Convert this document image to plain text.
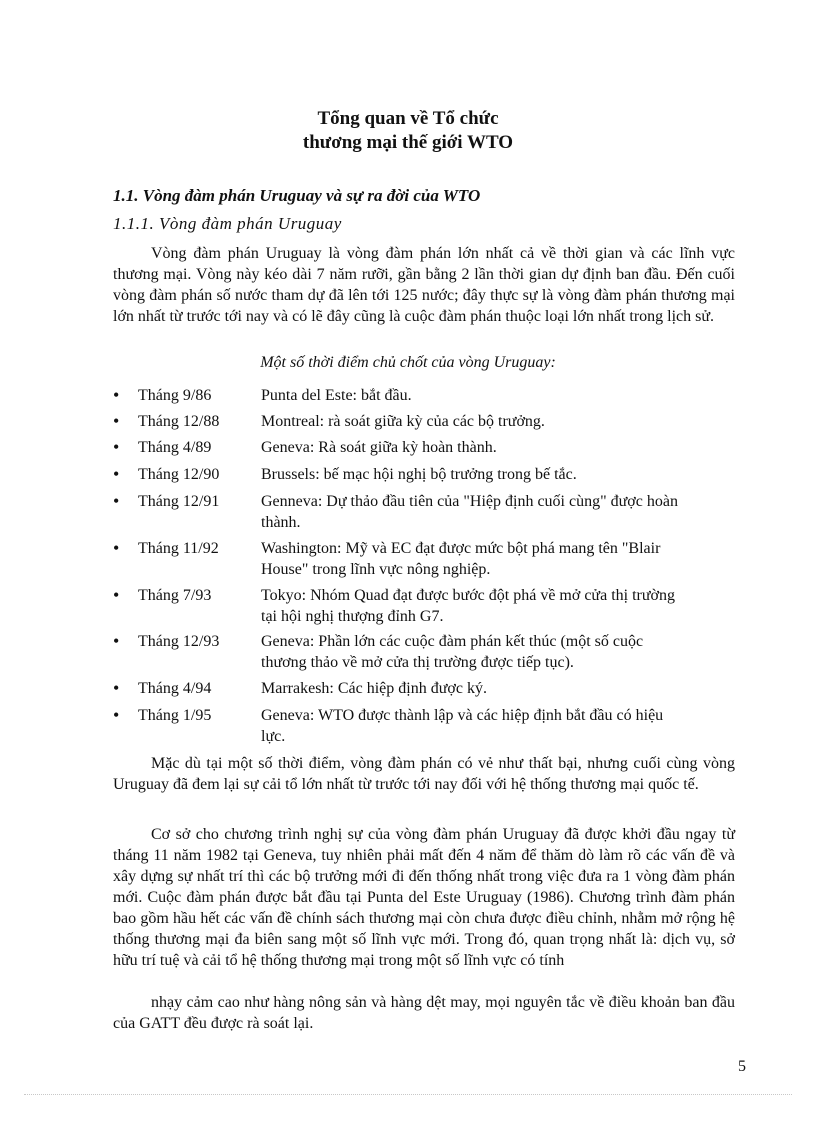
Tổng quan về Tổ chức
thương mại thế giới WTO
1.1. Vòng đàm phán Uruguay và sự ra đời của WTO
1.1.1. Vòng đàm phán Uruguay

Vòng đàm phán Uruguay là vòng đàm phán lớn nhất cả về thời gian và các lĩnh vực thương mại. Vòng này kéo dài 7 năm rưỡi, gần bằng 2 lần thời gian dự định ban đầu. Đến cuối vòng đàm phán số nước tham dự đã lên tới 125 nước; đây thực sự là vòng đàm phán thương mại lớn nhất từ trước tới nay và có lẽ đây cũng là cuộc đàm phán thuộc loại lớn nhất trong lịch sử.

Một số thời điểm chủ chốt của vòng Uruguay:
• Tháng 9/86	Punta del Este: bắt đầu.
• Tháng 12/88	Montreal: rà soát giữa kỳ của các bộ trưởng.
• Tháng 4/89	Geneva: Rà soát giữa kỳ hoàn thành.
• Tháng 12/90	Brussels: bế mạc hội nghị bộ trưởng trong bế tắc.
• Tháng 12/91	Genneva: Dự thảo đầu tiên của "Hiệp định cuối cùng" được hoàn thành.
• Tháng 11/92	Washington: Mỹ và EC đạt được mức bột phá mang tên "Blair House" trong lĩnh vực nông nghiệp.
• Tháng 7/93	Tokyo: Nhóm Quad đạt được bước đột phá về mở cửa thị trường tại hội nghị thượng đỉnh G7.
• Tháng 12/93	Geneva: Phần lớn các cuộc đàm phán kết thúc (một số cuộc thương thảo về mở cửa thị trường được tiếp tục).
• Tháng 4/94	Marrakesh: Các hiệp định được ký.
• Tháng 1/95	Geneva: WTO được thành lập và các hiệp định bắt đầu có hiệu lực.

Mặc dù tại một số thời điểm, vòng đàm phán có vẻ như thất bại, nhưng cuối cùng vòng Uruguay đã đem lại sự cải tổ lớn nhất từ trước tới nay đối với hệ thống thương mại quốc tế.

Cơ sở cho chương trình nghị sự của vòng đàm phán Uruguay đã được khởi đầu ngay từ tháng 11 năm 1982 tại Geneva, tuy nhiên phải mất đến 4 năm để thăm dò làm rõ các vấn đề và xây dựng sự nhất trí thì các bộ trưởng mới đi đến thống nhất trong việc đưa ra 1 vòng đàm phán mới. Cuộc đàm phán được bắt đầu tại Punta del Este Uruguay (1986). Chương trình đàm phán bao gồm hầu hết các vấn đề chính sách thương mại còn chưa được điều chỉnh, nhằm mở rộng hệ thống thương mại đa biên sang một số lĩnh vực mới. Trong đó, quan trọng nhất là: dịch vụ, sở hữu trí tuệ và cải tổ hệ thống thương mại trong một số lĩnh vực có tính

nhạy cảm cao như hàng nông sản và hàng dệt may, mọi nguyên tắc về điều khoản ban đầu của GATT đều được rà soát lại.

5
